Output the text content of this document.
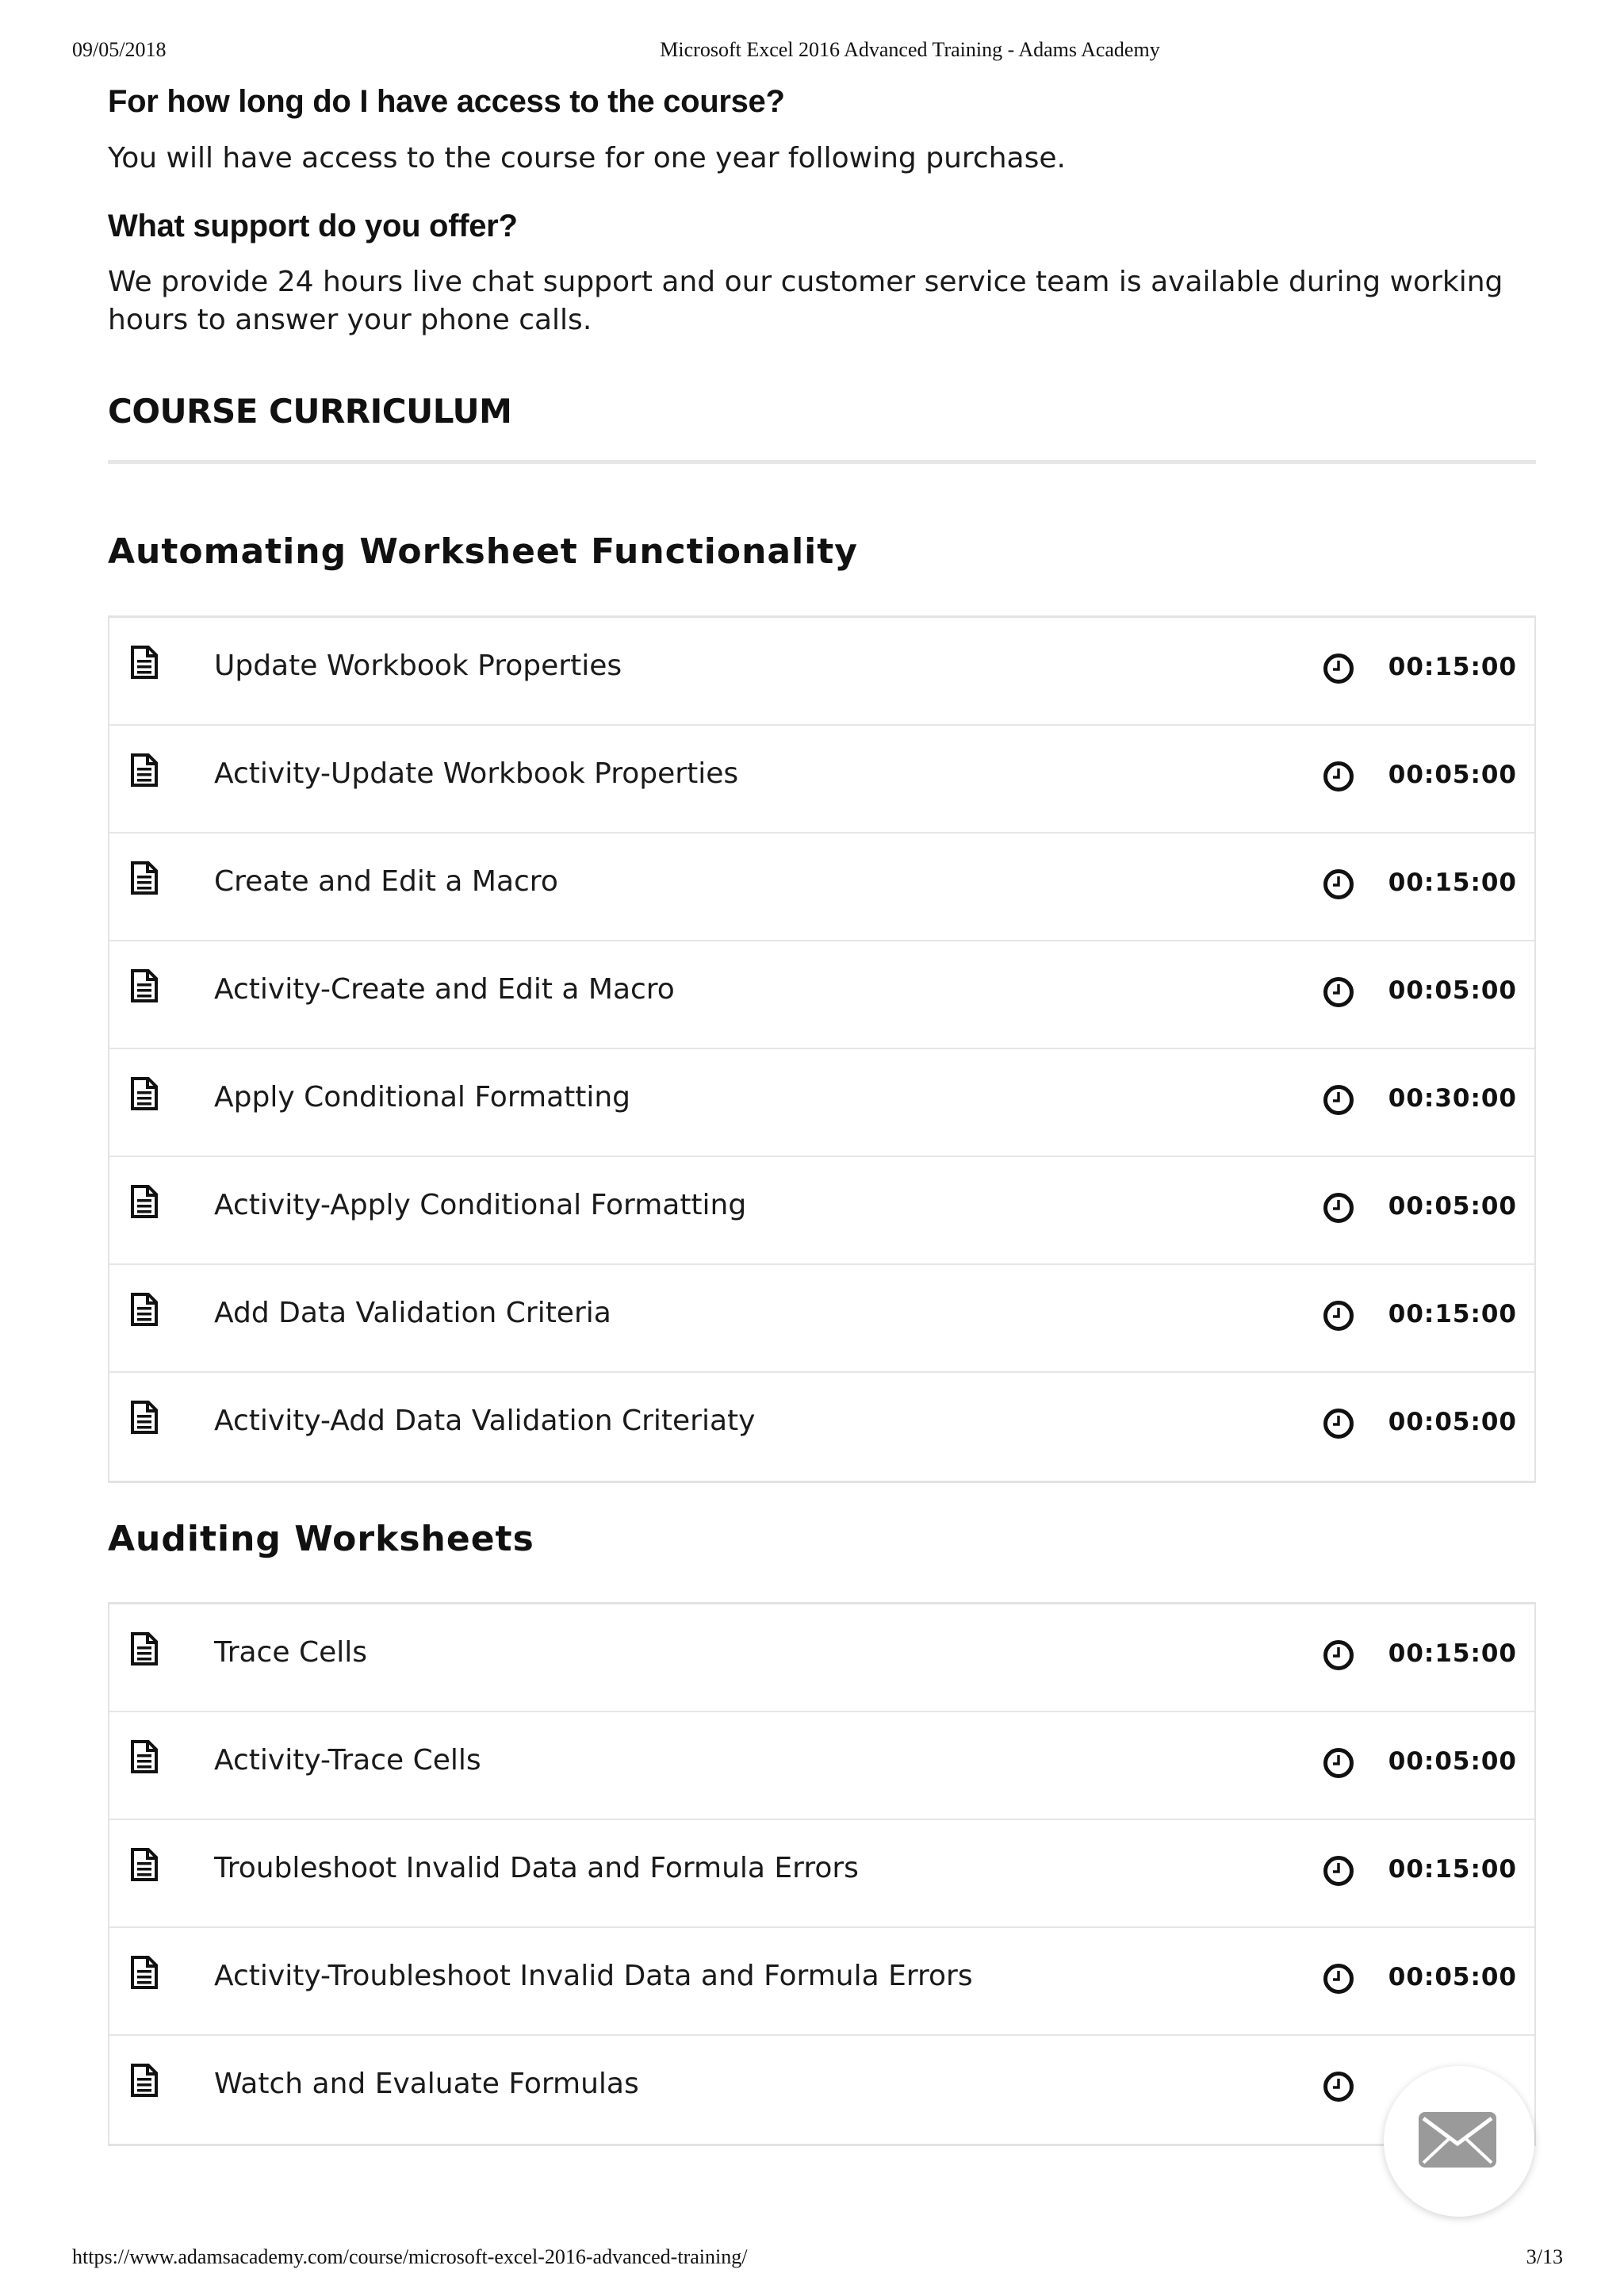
09/05/2018	Microsoft Excel 2016 Advanced Training - Adams Academy
For how long do I have access to the course?

You will have access to the course for one year following purchase.

What support do you offer?

We provide 24 hours live chat support and our customer service team is available during working hours to answer your phone calls.

COURSE CURRICULUM
Automating Worksheet Functionality
Update Workbook Properties	00:15:00
Activity-Update Workbook Properties	00:05:00
Create and Edit a Macro	00:15:00
Activity-Create and Edit a Macro	00:05:00
Apply Conditional Formatting	00:30:00
Activity-Apply Conditional Formatting	00:05:00
Add Data Validation Criteria	00:15:00
Activity-Add Data Validation Criteriaty	00:05:00
Auditing Worksheets
Trace Cells	00:15:00
Activity-Trace Cells	00:05:00
Troubleshoot Invalid Data and Formula Errors	00:15:00
Activity-Troubleshoot Invalid Data and Formula Errors	00:05:00
Watch and Evaluate Formulas
https://www.adamsacademy.com/course/microsoft-excel-2016-advanced-training/	3/13
